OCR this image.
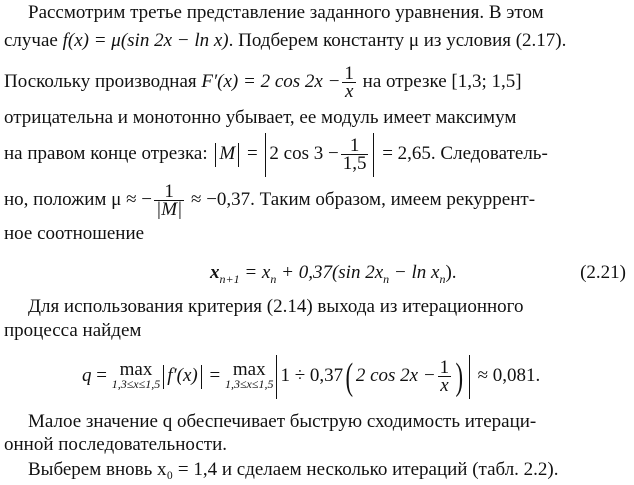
Рассмотрим третье представление заданного уравнения. В этом
случае f(x) = μ(sin 2x − ln x). Подберем константу μ из условия (2.17).
Поскольку производная F′(x) = 2 $\cos 2x - \frac{1}{x}$ на отрезке [1,3; 1,5]
отрицательна и монотонно убывает, ее модуль имеет максимум
на правом конце отрезка: M = 2 $\cos 3 - \frac{1}{1,5} = 2,65$. Следователь-
но, положим μ ≈ − $\frac{1}{|M|} \approx -0,37$. Таким образом, имеем рекуррент-
ное соотношение
$x_{n+1} = x_n + 0,37(\sin$ $2x_n - \ln x_n$).	(2.21)
Для использования критерия (2.14) выхода из итерационного
процесса найдем
q = max
1,3≤x≤1,5 f′(x) = max
1,3≤x≤1,5 1 ÷ 0,37( 2 $\cos 2x - \frac{1}{x}$ ) ≈ 0,081.
Малое значение q обеспечивает быструю сходимость итераци-
онной последовательности.
Выберем вновь x₀ = 1,4 и сделаем несколько итераций (табл. 2.2).
